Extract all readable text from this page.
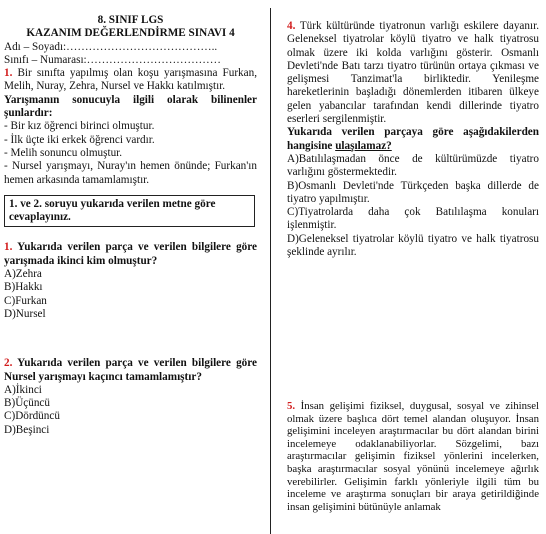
8. SINIF LGS

KAZANIM DEĞERLENDİRME SINAVI 4

Adı – Soyadı:…………………………………..

Sınıfı – Numarası:………………………………

1. Bir sınıfta yapılmış olan koşu yarışmasına Furkan, Melih, Nuray, Zehra, Nursel ve Hakkı katılmıştır.

Yarışmanın sonucuyla ilgili olarak bilinenler şunlardır:

- Bir kız öğrenci birinci olmuştur.

- İlk üçte iki erkek öğrenci vardır.

- Melih sonuncu olmuştur.

- Nursel yarışmayı, Nuray'ın hemen önünde; Furkan'ın hemen arkasında tamamlamıştır.

1. ve 2. soruyu yukarıda verilen metne göre cevaplayınız.

1. Yukarıda verilen parça ve verilen bilgilere göre yarışmada ikinci kim olmuştur?

A)Zehra

B)Hakkı

C)Furkan

D)Nursel

2. Yukarıda verilen parça ve verilen bilgilere göre Nursel yarışmayı kaçıncı tamamlamıştır?

A)İkinci

B)Üçüncü

C)Dördüncü

D)Beşinci

4. Türk kültüründe tiyatronun varlığı eskilere dayanır. Geleneksel tiyatrolar köylü tiyatro ve halk tiyatrosu olmak üzere iki kolda varlığını gösterir. Osmanlı Devleti'nde Batı tarzı tiyatro türünün ortaya çıkması ve gelişmesi Tanzimat'la birliktedir. Yenileşme hareketlerinin başladığı dönemlerden itibaren ülkeye gelen yabancılar tarafından kendi dillerinde tiyatro eserleri sergilenmiştir.

Yukarıda verilen parçaya göre aşağıdakilerden hangisine ulaşılamaz?

A)Batılılaşmadan önce de kültürümüzde tiyatro varlığını göstermektedir.

B)Osmanlı Devleti'nde Türkçeden başka dillerde de tiyatro yapılmıştır.

C)Tiyatrolarda daha çok Batılılaşma konuları işlenmiştir.

D)Geleneksel tiyatrolar köylü tiyatro ve halk tiyatrosu şeklinde ayrılır.

5. İnsan gelişimi fiziksel, duygusal, sosyal ve zihinsel olmak üzere başlıca dört temel alandan oluşuyor. İnsan gelişimini inceleyen araştırmacılar bu dört alandan birini incelemeye odaklanabiliyorlar. Sözgelimi, bazı araştırmacılar gelişimin fiziksel yönlerini incelerken, başka araştırmacılar sosyal yönünü incelemeye ağırlık verebilirler. Gelişimin farklı yönleriyle ilgili tüm bu inceleme ve araştırma sonuçları bir araya getirildiğinde insan gelişimini bütünüyle anlamak
